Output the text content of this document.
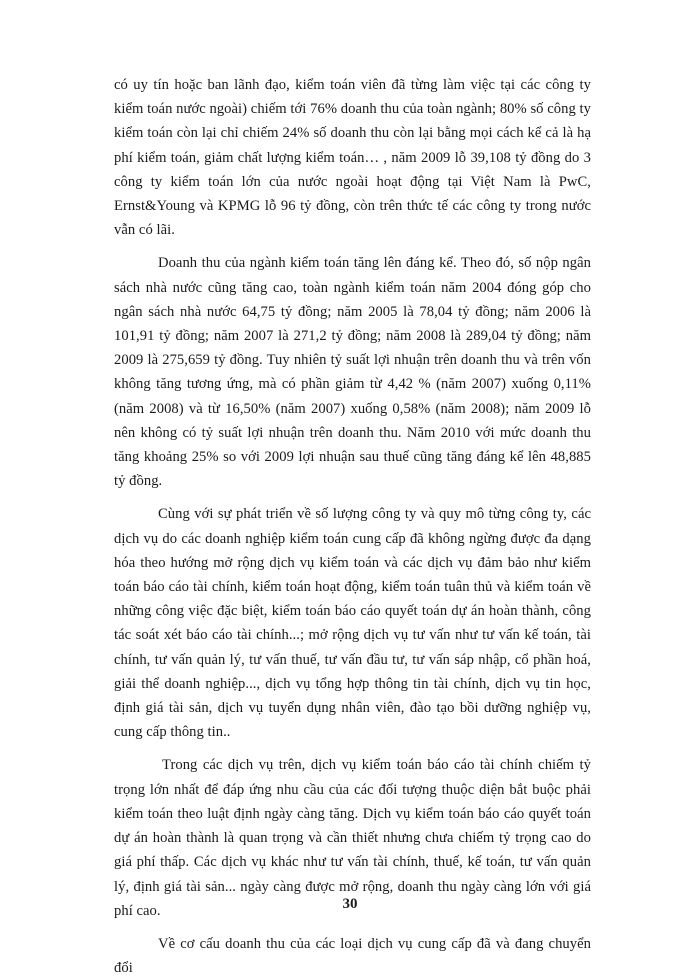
có uy tín hoặc ban lãnh đạo, kiểm toán viên đã từng làm việc tại các công ty kiểm toán nước ngoài) chiếm tới 76% doanh thu của toàn ngành; 80% số công ty kiểm toán còn lại chỉ chiếm 24% số doanh thu còn lại bằng mọi cách kể cả là hạ phí kiểm toán, giảm chất lượng kiểm toán… , năm 2009 lỗ 39,108 tỷ đồng do 3 công ty kiểm toán lớn của nước ngoài hoạt động tại Việt Nam là PwC, Ernst&Young và KPMG lỗ 96 tỷ đồng, còn trên thức tế các công ty trong nước vẫn có lãi.

Doanh thu của ngành kiểm toán tăng lên đáng kể. Theo đó, số nộp ngân sách nhà nước cũng tăng cao, toàn ngành kiểm toán năm 2004 đóng góp cho ngân sách nhà nước 64,75 tỷ đồng; năm 2005 là 78,04 tỷ đồng; năm 2006 là 101,91 tỷ đồng; năm 2007 là 271,2 tỷ đồng; năm 2008 là 289,04 tỷ đồng; năm 2009 là 275,659 tỷ đồng. Tuy nhiên tỷ suất lợi nhuận trên doanh thu và trên vốn không tăng tương ứng, mà có phần giảm từ 4,42 % (năm 2007) xuống 0,11% (năm 2008) và từ 16,50% (năm 2007) xuống 0,58% (năm 2008); năm 2009 lỗ nên không có tỷ suất lợi nhuận trên doanh thu. Năm 2010 với mức doanh thu tăng khoảng 25% so với 2009 lợi nhuận sau thuế cũng tăng đáng kể lên 48,885 tỷ đồng.

Cùng với sự phát triển về số lượng công ty và quy mô từng công ty, các dịch vụ do các doanh nghiệp kiểm toán cung cấp đã không ngừng được đa dạng hóa theo hướng mở rộng dịch vụ kiểm toán và các dịch vụ đảm bảo như kiểm toán báo cáo tài chính, kiểm toán hoạt động, kiểm toán tuân thủ và kiểm toán về những công việc đặc biệt, kiểm toán báo cáo quyết toán dự án hoàn thành, công tác soát xét báo cáo tài chính...; mở rộng dịch vụ tư vấn như tư vấn kế toán, tài chính, tư vấn quản lý, tư vấn thuế, tư vấn đầu tư, tư vấn sáp nhập, cổ phần hoá, giải thể doanh nghiệp..., dịch vụ tổng hợp thông tin tài chính, dịch vụ tin học, định giá tài sản, dịch vụ tuyển dụng nhân viên, đào tạo bồi dưỡng nghiệp vụ, cung cấp thông tin..

Trong các dịch vụ trên, dịch vụ kiểm toán báo cáo tài chính chiếm tỷ trọng lớn nhất để đáp ứng nhu cầu của các đối tượng thuộc diện bắt buộc phải kiểm toán theo luật định ngày càng tăng. Dịch vụ kiểm toán báo cáo quyết toán dự án hoàn thành là quan trọng và cần thiết nhưng chưa chiếm tỷ trọng cao do giá phí thấp. Các dịch vụ khác như tư vấn tài chính, thuế, kế toán, tư vấn quản lý, định giá tài sản... ngày càng được mở rộng, doanh thu ngày càng lớn với giá phí cao.

Về cơ cấu doanh thu của các loại dịch vụ cung cấp đã và đang chuyển đổi

30
